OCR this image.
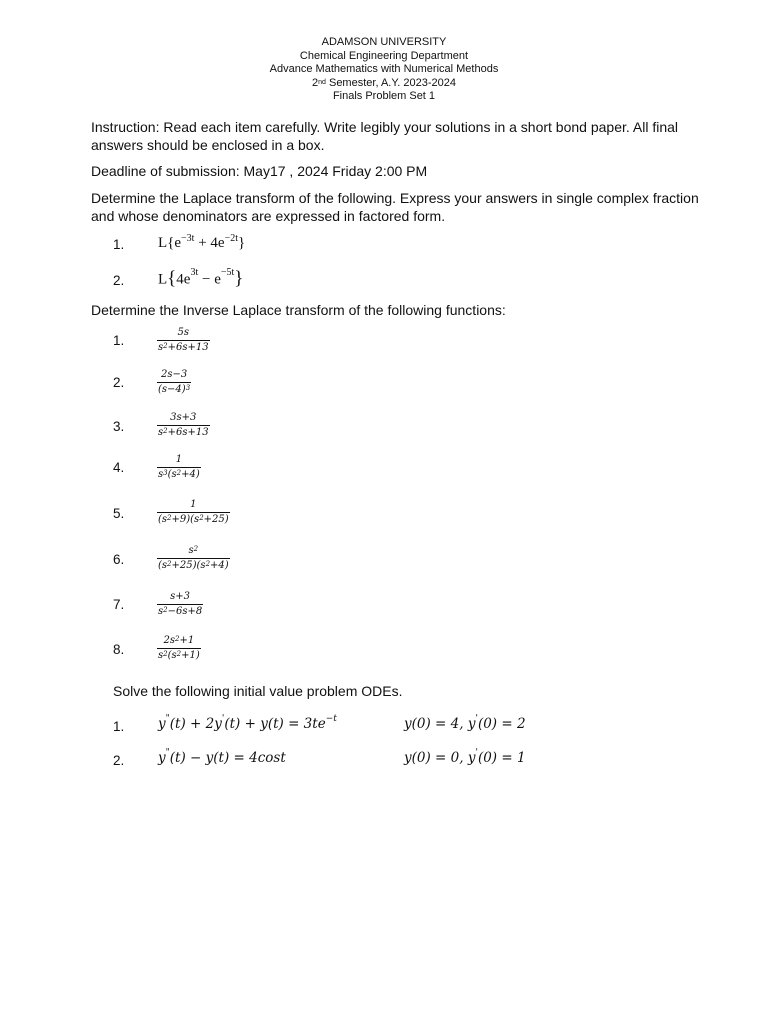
ADAMSON UNIVERSITY
Chemical Engineering Department
Advance Mathematics with Numerical Methods
2nd Semester, A.Y. 2023-2024
Finals Problem Set 1
Instruction: Read each item carefully. Write legibly your solutions in a short bond paper. All final answers should be enclosed in a box.
Deadline of submission: May17 , 2024 Friday 2:00 PM
Determine the Laplace transform of the following. Express your answers in single complex fraction and whose denominators are expressed in factored form.
1. $L\{e^{-3t} + 4e^{-2t}\}$
2. $L\{4e^{3t} - e^{-5t}\}$
Determine the Inverse Laplace transform of the following functions:
1.	$\frac{5s}{s^2+6s+13}$
2.	$\frac{2s-3}{(s-4)^3}$
3.	$\frac{3s+3}{s^2+6s+13}$
4.	$\frac{1}{s^3(s^2+4)}$
5.	$\frac{1}{(s^2+9)(s^2+25)}$
6.	$\frac{s^2}{(s^2+25)(s^2+4)}$
7.	$\frac{s+3}{s^2-6s+8}$
8.	$\frac{2s^2+1}{s^2(s^2+1)}$
Solve the following initial value problem ODEs.
1. $y^"(t) + 2y'(t) + y(t) = 3te^{-t}$	y(0) = 4, y'(0) = 2
2. y"(t) − y(t) = 4cost	y(0) = 0, y'(0) = 1
